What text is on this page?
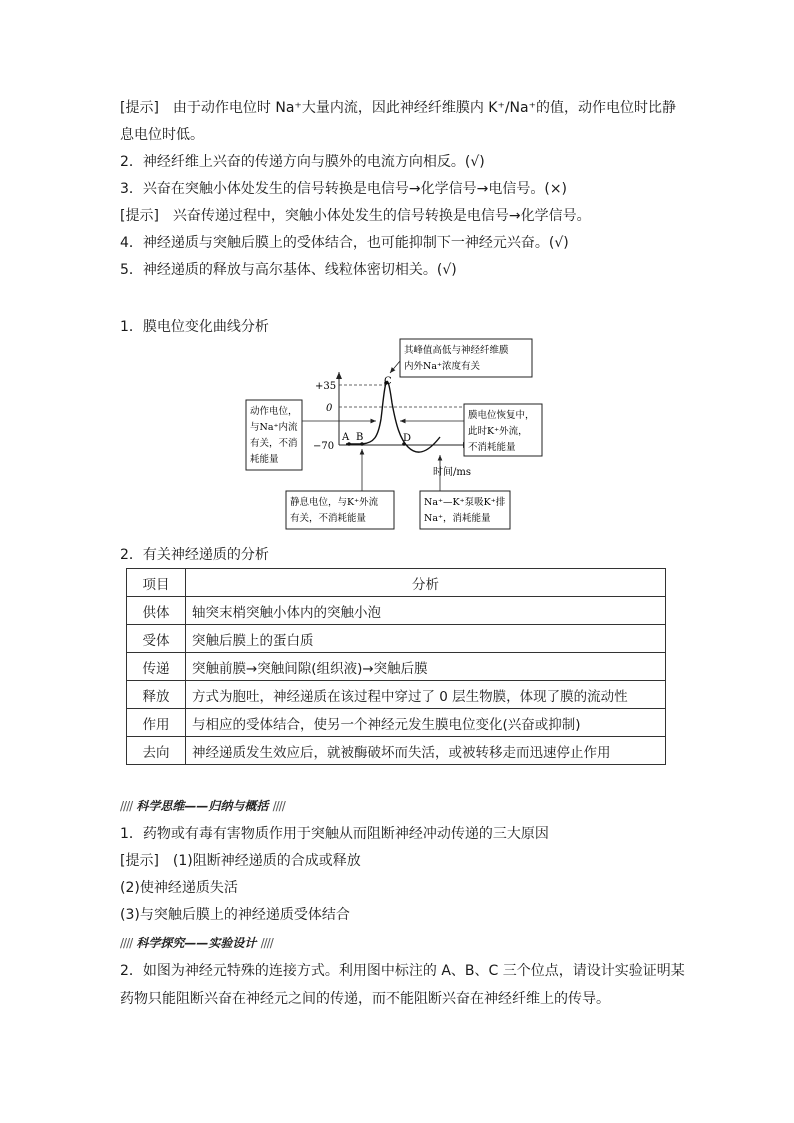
[提示]　由于动作电位时 Na⁺大量内流，因此神经纤维膜内 K⁺/Na⁺的值，动作电位时比静
息电位时低。
2．神经纤维上兴奋的传递方向与膜外的电流方向相反。(√)
3．兴奋在突触小体处发生的信号转换是电信号→化学信号→电信号。(×)
[提示]　兴奋传递过程中，突触小体处发生的信号转换是电信号→化学信号。
4．神经递质与突触后膜上的受体结合，也可能抑制下一神经元兴奋。(√)
5．神经递质的释放与高尔基体、线粒体密切相关。(√)
1．膜电位变化曲线分析
+35
0
−70
A B
C
D
时间/ms
其峰值高低与神经纤维膜
内外Na⁺浓度有关
动作电位，
与Na⁺内流
有关，不消
耗能量
膜电位恢复中，
此时K⁺外流，
不消耗能量
静息电位，与K⁺外流
有关，不消耗能量
Na⁺—K⁺泵吸K⁺排
Na⁺，消耗能量
2．有关神经递质的分析
项目	分析
供体	轴突末梢突触小体内的突触小泡
受体	突触后膜上的蛋白质
传递	突触前膜→突触间隙(组织液)→突触后膜
释放	方式为胞吐，神经递质在该过程中穿过了 0 层生物膜，体现了膜的流动性
作用	与相应的受体结合，使另一个神经元发生膜电位变化(兴奋或抑制)
去向	神经递质发生效应后，就被酶破坏而失活，或被转移走而迅速停止作用
//// 科学思维——归纳与概括 ////
1．药物或有毒有害物质作用于突触从而阻断神经冲动传递的三大原因
[提示]　(1)阻断神经递质的合成或释放
(2)使神经递质失活
(3)与突触后膜上的神经递质受体结合
//// 科学探究——实验设计 ////
2．如图为神经元特殊的连接方式。利用图中标注的 A、B、C 三个位点，请设计实验证明某
药物只能阻断兴奋在神经元之间的传递，而不能阻断兴奋在神经纤维上的传导。
